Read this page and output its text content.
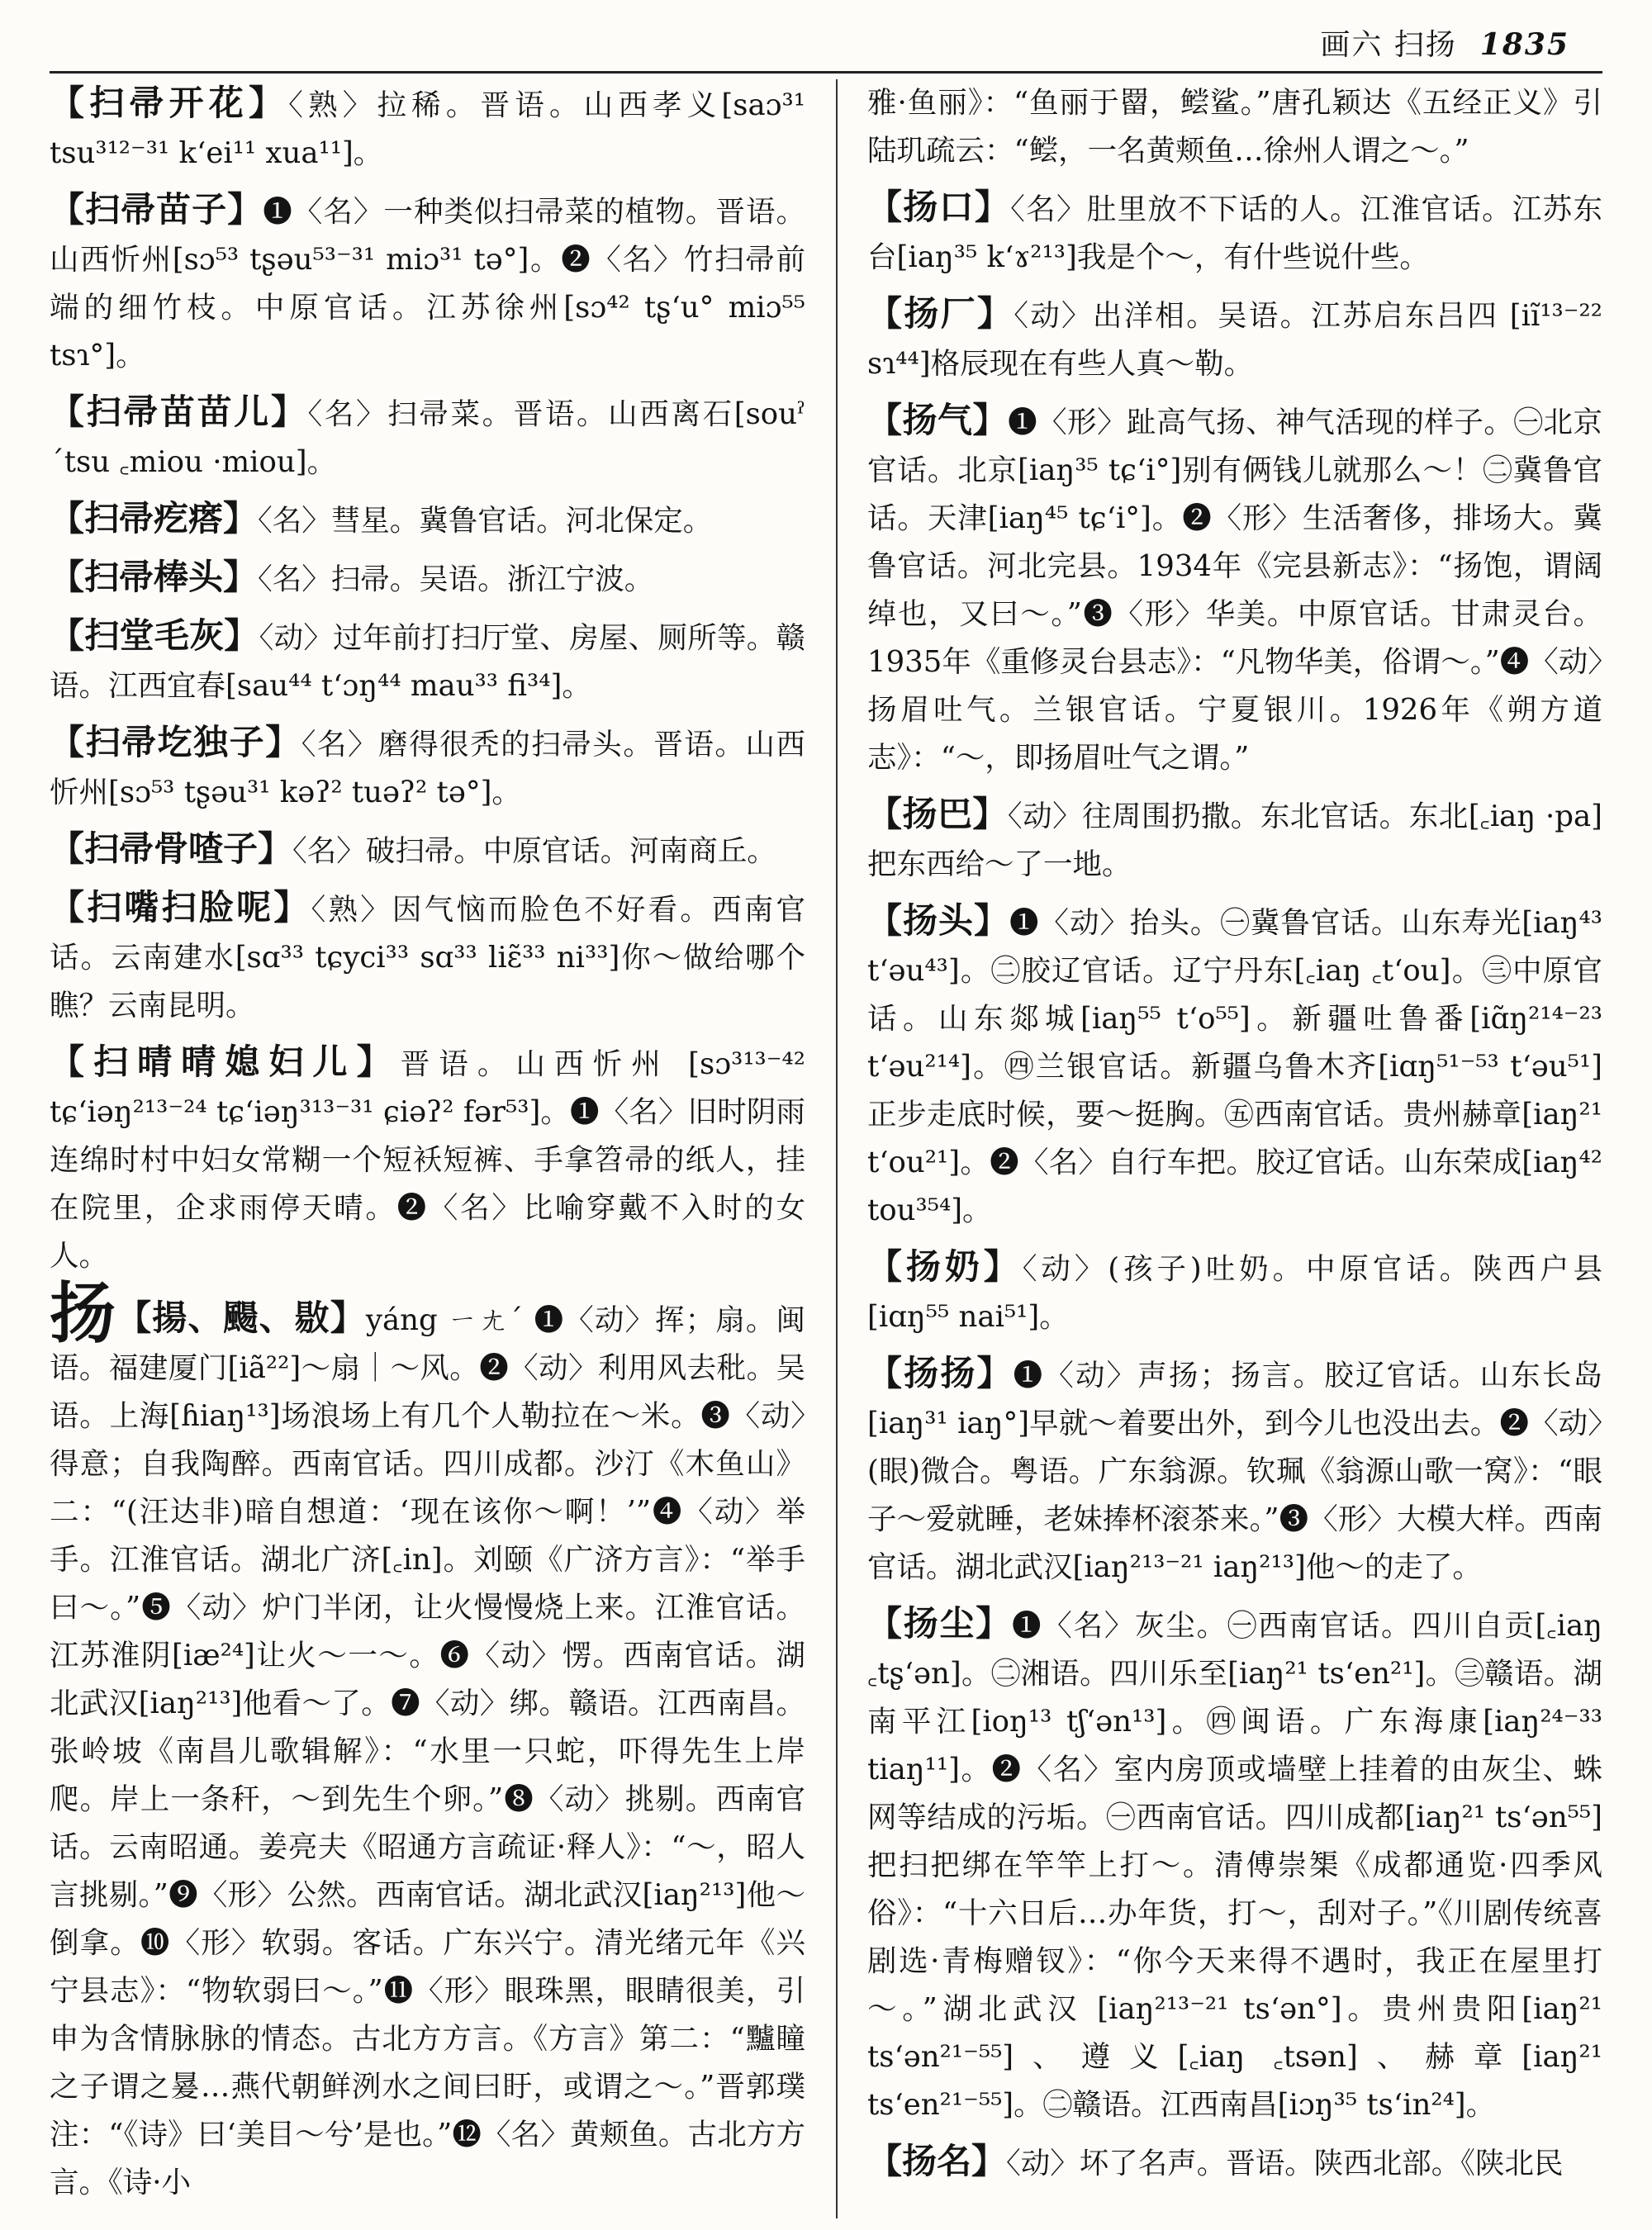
画六 扫扬 1835

【扫帚开花】〈熟〉拉稀。晋语。山西孝义[saɔ³¹ tsu³¹²⁻³¹ kʻei¹¹ xua¹¹]。

【扫帚苗子】❶〈名〉一种类似扫帚菜的植物。晋语。山西忻州[sɔ⁵³ tʂəu⁵³⁻³¹ miɔ³¹ tə°]。❷〈名〉竹扫帚前端的细竹枝。中原官话。江苏徐州[sɔ⁴² tʂʻu° miɔ⁵⁵ tsɿ°]。

【扫帚苗苗儿】〈名〉扫帚菜。晋语。山西离石[souˀ ˊtsu ꜀miou ·miou]。

【扫帚疙瘩】〈名〉彗星。冀鲁官话。河北保定。

【扫帚棒头】〈名〉扫帚。吴语。浙江宁波。

【扫堂毛灰】〈动〉过年前打扫厅堂、房屋、厕所等。赣语。江西宜春[sau⁴⁴ tʻɔŋ⁴⁴ mau³³ fi³⁴]。

【扫帚圪独子】〈名〉磨得很秃的扫帚头。晋语。山西忻州[sɔ⁵³ tʂəu³¹ kəʔ² tuəʔ² tə°]。

【扫帚骨喳子】〈名〉破扫帚。中原官话。河南商丘。

【扫嘴扫脸呢】〈熟〉因气恼而脸色不好看。西南官话。云南建水[sɑ³³ tɕyci³³ sɑ³³ liɛ̃³³ ni³³]你～做给哪个瞧？云南昆明。

【扫晴晴媳妇儿】晋语。山西忻州 [sɔ³¹³⁻⁴² tɕʻiəŋ²¹³⁻²⁴ tɕʻiəŋ³¹³⁻³¹ ɕiəʔ² fər⁵³]。❶〈名〉旧时阴雨连绵时村中妇女常糊一个短袄短裤、手拿笤帚的纸人，挂在院里，企求雨停天晴。❷〈名〉比喻穿戴不入时的女人。

扬【揚、颺、敭】yáng ㄧㄤˊ ❶〈动〉挥；扇。闽语。福建厦门[iã²²]～扇｜～风。❷〈动〉利用风去秕。吴语。上海[ɦiaŋ¹³]场浪场上有几个人勒拉在～米。❸〈动〉得意；自我陶醉。西南官话。四川成都。沙汀《木鱼山》二：“(汪达非)暗自想道：‘现在该你～啊！’”❹〈动〉举手。江淮官话。湖北广济[꜀in]。刘颐《广济方言》：“举手曰～。”❺〈动〉炉门半闭，让火慢慢烧上来。江淮官话。江苏淮阴[iæ²⁴]让火～一～。❻〈动〉愣。西南官话。湖北武汉[iaŋ²¹³]他看～了。❼〈动〉绑。赣语。江西南昌。张岭坡《南昌儿歌辑解》：“水里一只蛇，吓得先生上岸爬。岸上一条秆，～到先生个卵。”❽〈动〉挑剔。西南官话。云南昭通。姜亮夫《昭通方言疏证·释人》：“～，昭人言挑剔。”❾〈形〉公然。西南官话。湖北武汉[iaŋ²¹³]他～倒拿。❿〈形〉软弱。客话。广东兴宁。清光绪元年《兴宁县志》：“物软弱曰～。”⓫〈形〉眼珠黑，眼睛很美，引申为含情脉脉的情态。古北方方言。《方言》第二：“黸瞳之子谓之㬊…燕代朝鲜洌水之间曰盱，或谓之～。”晋郭璞注：“《诗》曰‘美目～兮’是也。”⓬〈名〉黄颊鱼。古北方方言。《诗·小

雅·鱼丽》：“鱼丽于罶，鲿鲨。”唐孔颖达《五经正义》引陆玑疏云：“鲿，一名黄颊鱼…徐州人谓之～。”

【扬口】〈名〉肚里放不下话的人。江淮官话。江苏东台[iaŋ³⁵ kʻɤ²¹³]我是个～，有什些说什些。

【扬厂】〈动〉出洋相。吴语。江苏启东吕四 [iĩ¹³⁻²² sɿ⁴⁴]格辰现在有些人真～勒。

【扬气】❶〈形〉趾高气扬、神气活现的样子。㊀北京官话。北京[iaŋ³⁵ tɕʻi°]别有俩钱儿就那么～！㊁冀鲁官话。天津[iaŋ⁴⁵ tɕʻi°]。❷〈形〉生活奢侈，排场大。冀鲁官话。河北完县。1934年《完县新志》：“扬饱，谓阔绰也，又曰～。”❸〈形〉华美。中原官话。甘肃灵台。1935年《重修灵台县志》：“凡物华美，俗谓～。”❹〈动〉扬眉吐气。兰银官话。宁夏银川。1926年《朔方道志》：“～，即扬眉吐气之谓。”

【扬巴】〈动〉往周围扔撒。东北官话。东北[꜀iaŋ ·pa]把东西给～了一地。

【扬头】❶〈动〉抬头。㊀冀鲁官话。山东寿光[iaŋ⁴³ tʻəu⁴³]。㊁胶辽官话。辽宁丹东[꜀iaŋ ꜀tʻou]。㊂中原官话。山东郯城[iaŋ⁵⁵ tʻo⁵⁵]。新疆吐鲁番[iɑ̃ŋ²¹⁴⁻²³ tʻəu²¹⁴]。㊃兰银官话。新疆乌鲁木齐[iɑŋ⁵¹⁻⁵³ tʻəu⁵¹]正步走底时候，要～挺胸。㊄西南官话。贵州赫章[iaŋ²¹ tʻou²¹]。❷〈名〉自行车把。胶辽官话。山东荣成[iaŋ⁴² tou³⁵⁴]。

【扬奶】〈动〉(孩子)吐奶。中原官话。陕西户县 [iɑŋ⁵⁵ nai⁵¹]。

【扬扬】❶〈动〉声扬；扬言。胶辽官话。山东长岛[iaŋ³¹ iaŋ°]早就～着要出外，到今儿也没出去。❷〈动〉(眼)微合。粤语。广东翁源。钦珮《翁源山歌一窝》：“眼子～爱就睡，老妹捧杯滚茶来。”❸〈形〉大模大样。西南官话。湖北武汉[iaŋ²¹³⁻²¹ iaŋ²¹³]他～的走了。

【扬尘】❶〈名〉灰尘。㊀西南官话。四川自贡[꜀iaŋ ꜀tʂʻən]。㊁湘语。四川乐至[iaŋ²¹ tsʻen²¹]。㊂赣语。湖南平江[ioŋ¹³ tʃʻən¹³]。㊃闽语。广东海康[iaŋ²⁴⁻³³ tiaŋ¹¹]。❷〈名〉室内房顶或墙壁上挂着的由灰尘、蛛网等结成的污垢。㊀西南官话。四川成都[iaŋ²¹ tsʻən⁵⁵]把扫把绑在竿竿上打～。清傅崇榘《成都通览·四季风俗》：“十六日后…办年货，打～，刮对子。”《川剧传统喜剧选·青梅赠钗》：“你今天来得不遇时，我正在屋里打～。”湖北武汉 [iaŋ²¹³⁻²¹ tsʻən°]。贵州贵阳[iaŋ²¹ tsʻən²¹⁻⁵⁵]、遵义[꜀iaŋ ꜀tsən]、赫章[iaŋ²¹ tsʻen²¹⁻⁵⁵]。㊁赣语。江西南昌[iɔŋ³⁵ tsʻin²⁴]。

【扬名】〈动〉坏了名声。晋语。陕西北部。《陕北民
